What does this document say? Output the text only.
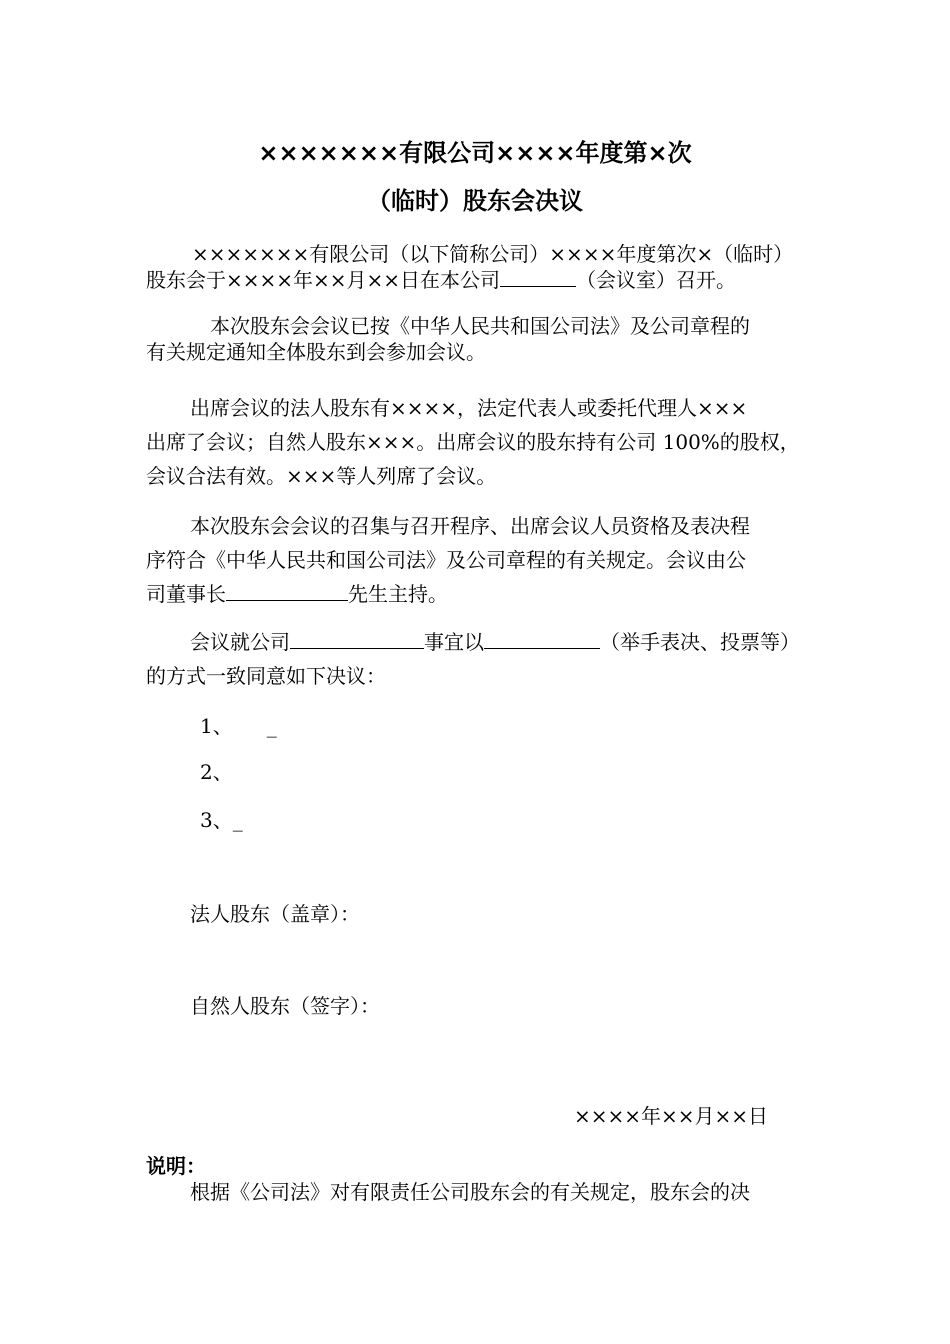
×××××××有限公司××××年度第×次
（临时）股东会决议
×××××××有限公司（以下简称公司）××××年度第次×（临时）
股东会于××××年××月××日在本公司	（会议室）召开。
本次股东会会议已按《中华人民共和国公司法》及公司章程的
有关规定通知全体股东到会参加会议。
出席会议的法人股东有××××，法定代表人或委托代理人×××
出席了会议；自然人股东×××。出席会议的股东持有公司 100%的股权，
会议合法有效。×××等人列席了会议。
本次股东会会议的召集与召开程序、出席会议人员资格及表决程
序符合《中华人民共和国公司法》及公司章程的有关规定。会议由公
司董事长	先生主持。
会议就公司	事宜以	（举手表决、投票等）
的方式一致同意如下决议：
1、 _
2、
3、_
法人股东（盖章）：
自然人股东（签字）：
××××年××月××日
说明：
根据《公司法》对有限责任公司股东会的有关规定，股东会的决
